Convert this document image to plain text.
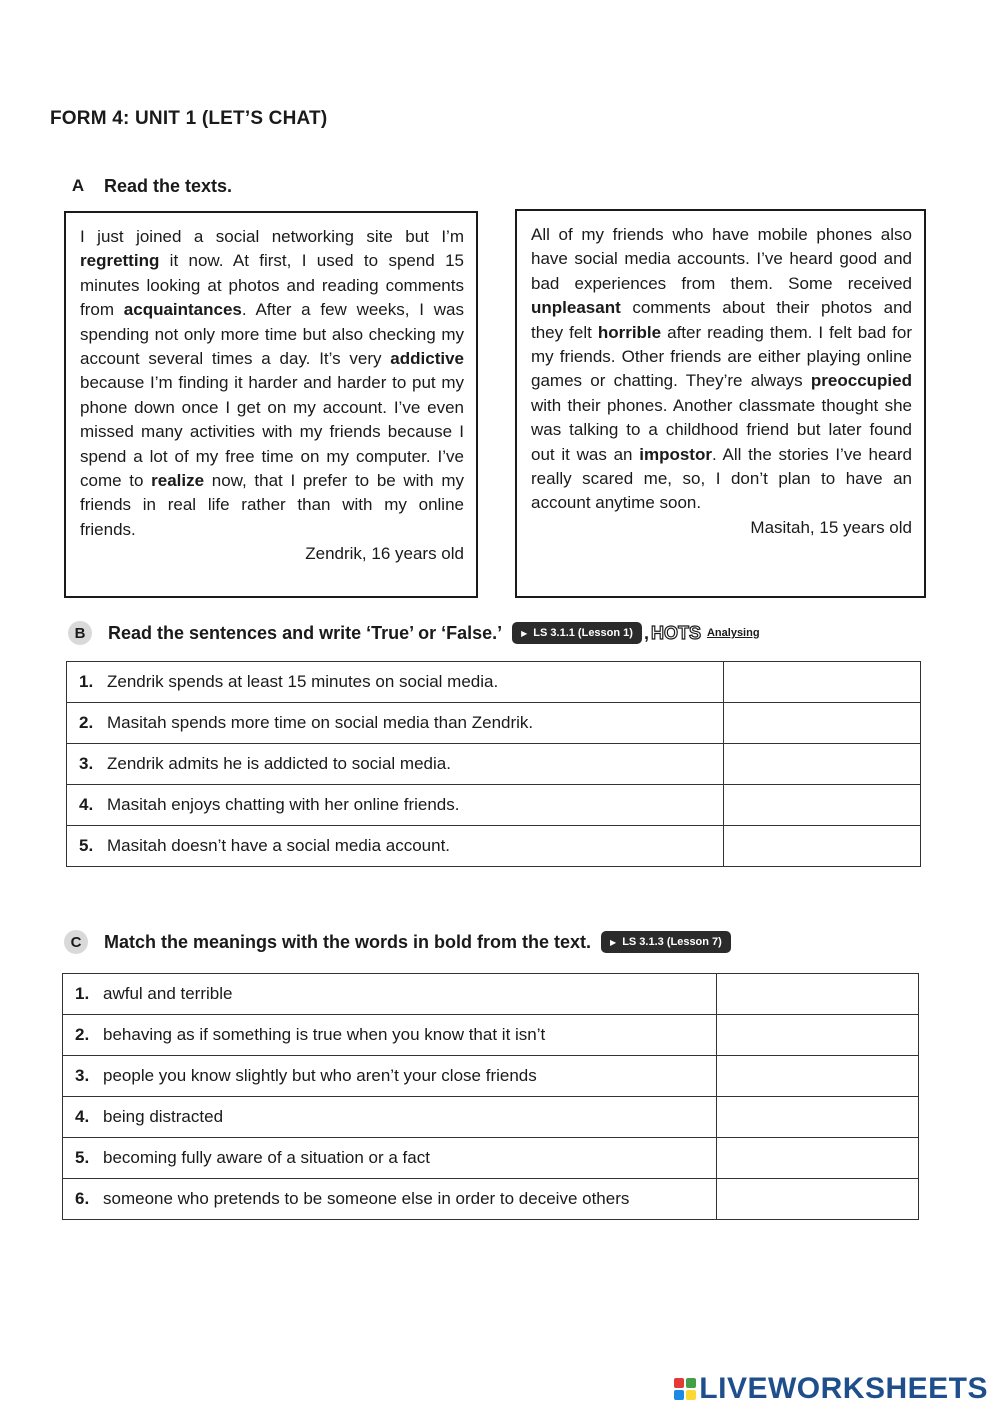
FORM 4: UNIT 1 (LET’S CHAT)
A	Read the texts.
I just joined a social networking site but I’m regretting it now. At first, I used to spend 15 minutes looking at photos and reading comments from acquaintances. After a few weeks, I was spending not only more time but also checking my account several times a day. It’s very addictive because I’m finding it harder and harder to put my phone down once I get on my account. I’ve even missed many activities with my friends because I spend a lot of my free time on my computer. I’ve come to realize now, that I prefer to be with my friends in real life rather than with my online friends.
Zendrik, 16 years old
All of my friends who have mobile phones also have social media accounts. I’ve heard good and bad experiences from them. Some received unpleasant comments about their photos and they felt horrible after reading them. I felt bad for my friends. Other friends are either playing online games or chatting. They’re always preoccupied with their phones. Another classmate thought she was talking to a childhood friend but later found out it was an impostor. All the stories I’ve heard really scared me, so, I don’t plan to have an account anytime soon.
Masitah, 15 years old
B	Read the sentences and write ‘True’ or ‘False.’ ▶ LS 3.1.1 (Lesson 1) , HOTS Analysing
1. Zendrik spends at least 15 minutes on social media.	
2. Masitah spends more time on social media than Zendrik.	
3. Zendrik admits he is addicted to social media.	
4. Masitah enjoys chatting with her online friends.	
5. Masitah doesn’t have a social media account.	
C	Match the meanings with the words in bold from the text. ▶ LS 3.1.3 (Lesson 7)
1. awful and terrible	
2. behaving as if something is true when you know that it isn’t	
3. people you know slightly but who aren’t your close friends	
4. being distracted	
5. becoming fully aware of a situation or a fact	
6. someone who pretends to be someone else in order to deceive others	
LIVEWORKSHEETS
